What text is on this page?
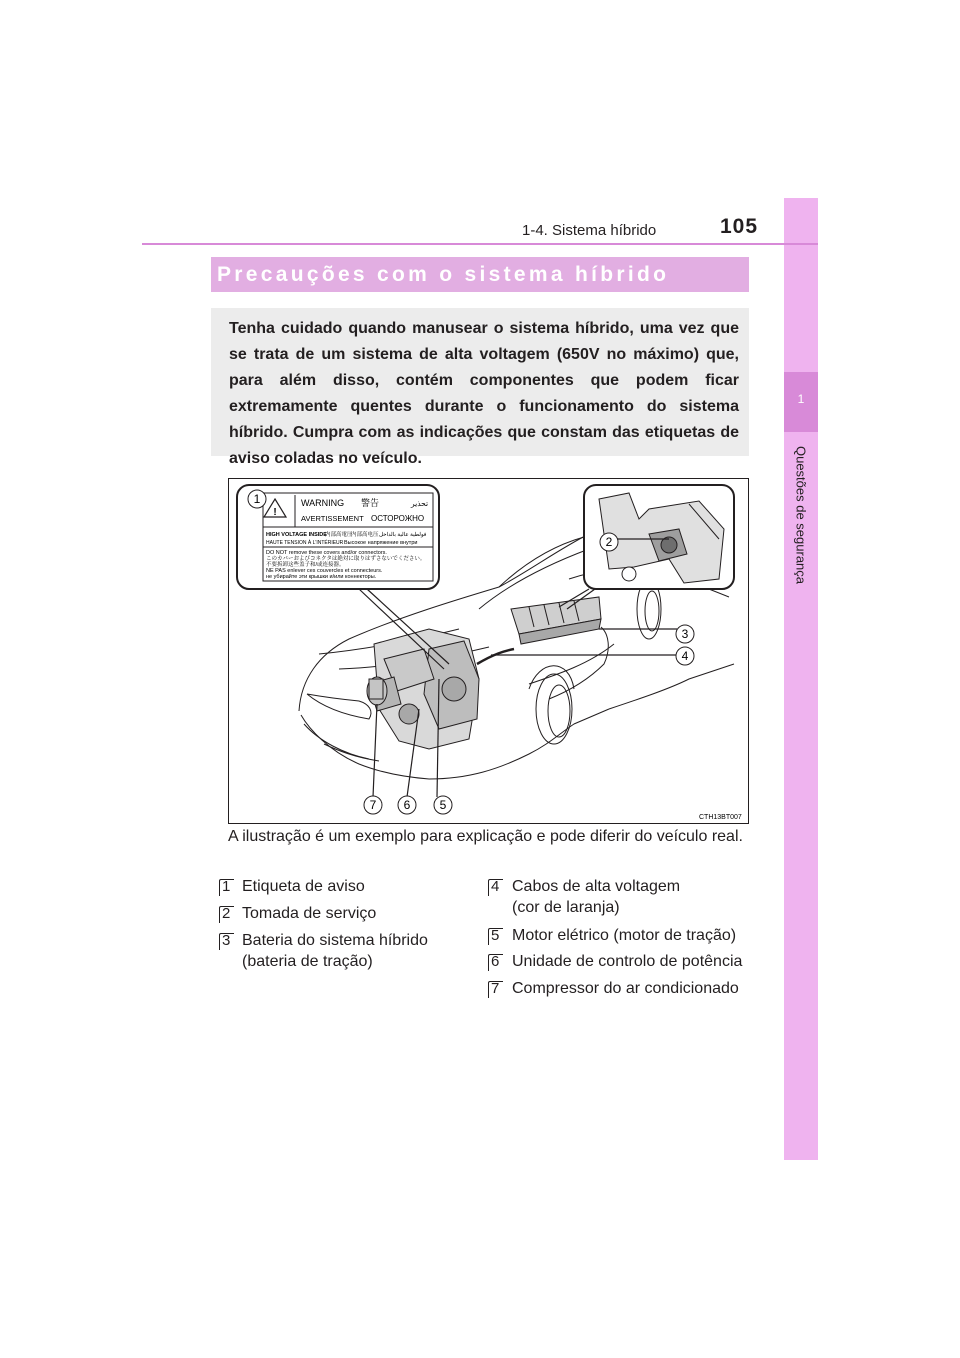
1
Questões de segurança
1-4. Sistema híbrido	105
Precauções com o sistema híbrido

Tenha cuidado quando manusear o sistema híbrido, uma vez que se trata de um sistema de alta voltagem (650V no máximo) que, para além disso, contém componentes que podem ficar extremamente quentes durante o funcionamento do sistema híbrido. Cumpra com as indicações que constam das etiquetas de aviso coladas no veículo.

!
WARNING 警告	تحذير
AVERTISSEMENT ОСТОРОЖНО
HIGH VOLTAGE INSIDE
内部高電圧
内部高电压 فولطية عالية بالداخل
HAUTE TENSION À L'INTÉRIEUR Высокое напряжение внутри
DO NOT remove these covers and/or connectors.
このカバーおよびコネクタは絶対に取りはずさないでください。
不要拆卸这些盖子和/或连接器。
NE PAS enlever ces couvercles et connecteurs.
не убирайте эти крышки и/или коннекторы.
1
2
3
4
5
6
7
CTH13BT007

A ilustração é um exemplo para explicação e pode diferir do veículo real.

1 Etiqueta de aviso
2 Tomada de serviço
3 Bateria do sistema híbrido
(bateria de tração)
4 Cabos de alta voltagem
(cor de laranja)
5 Motor elétrico (motor de tração)
6 Unidade de controlo de potência
7 Compressor do ar condicionado
